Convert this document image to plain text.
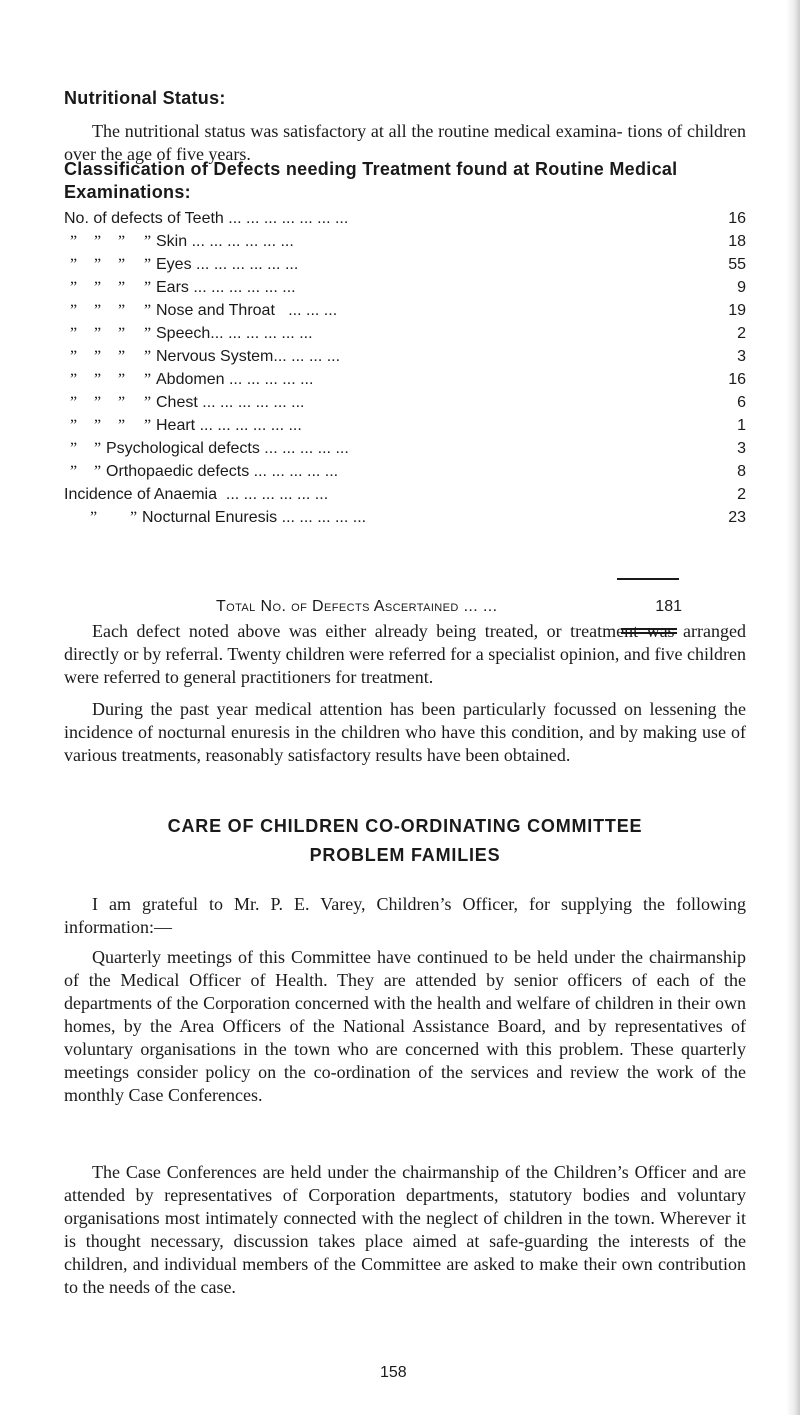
Nutritional Status:

The nutritional status was satisfactory at all the routine medical examina- tions of children over the age of five years.

Classification of Defects needing Treatment found at Routine Medical Examinations:
No. of defects of Teeth ... ... ... ... ... ... ...	16
” ” ” ” Skin ... ... ... ... ... ...	18
” ” ” ” Eyes ... ... ... ... ... ...	55
” ” ” ” Ears ... ... ... ... ... ...	9
” ” ” ” Nose and Throat ... ... ...	19
” ” ” ” Speech... ... ... ... ... ...	2
” ” ” ” Nervous System... ... ... ...	3
” ” ” ” Abdomen ... ... ... ... ...	16
” ” ” ” Chest ... ... ... ... ... ...	6
” ” ” ” Heart ... ... ... ... ... ...	1
” ” Psychological defects ... ... ... ... ...	3
” ” Orthopaedic defects ... ... ... ... ...	8
Incidence of Anaemia ... ... ... ... ... ...	2
” ” Nocturnal Enuresis ... ... ... ... ...	23
Total No. of Defects Ascertained ... ...	181

Each defect noted above was either already being treated, or treatment was arranged directly or by referral. Twenty children were referred for a specialist opinion, and five children were referred to general practitioners for treatment.

During the past year medical attention has been particularly focussed on lessening the incidence of nocturnal enuresis in the children who have this condition, and by making use of various treatments, reasonably satisfactory results have been obtained.

CARE OF CHILDREN CO-ORDINATING COMMITTEE
PROBLEM FAMILIES

I am grateful to Mr. P. E. Varey, Children’s Officer, for supplying the following information:—

Quarterly meetings of this Committee have continued to be held under the chairmanship of the Medical Officer of Health. They are attended by senior officers of each of the departments of the Corporation concerned with the health and welfare of children in their own homes, by the Area Officers of the National Assistance Board, and by representatives of voluntary organisations in the town who are concerned with this problem. These quarterly meetings consider policy on the co-ordination of the services and review the work of the monthly Case Conferences.

The Case Conferences are held under the chairmanship of the Children’s Officer and are attended by representatives of Corporation departments, statutory bodies and voluntary organisations most intimately connected with the neglect of children in the town. Wherever it is thought necessary, discussion takes place aimed at safe-guarding the interests of the children, and individual members of the Committee are asked to make their own contribution to the needs of the case.

158
